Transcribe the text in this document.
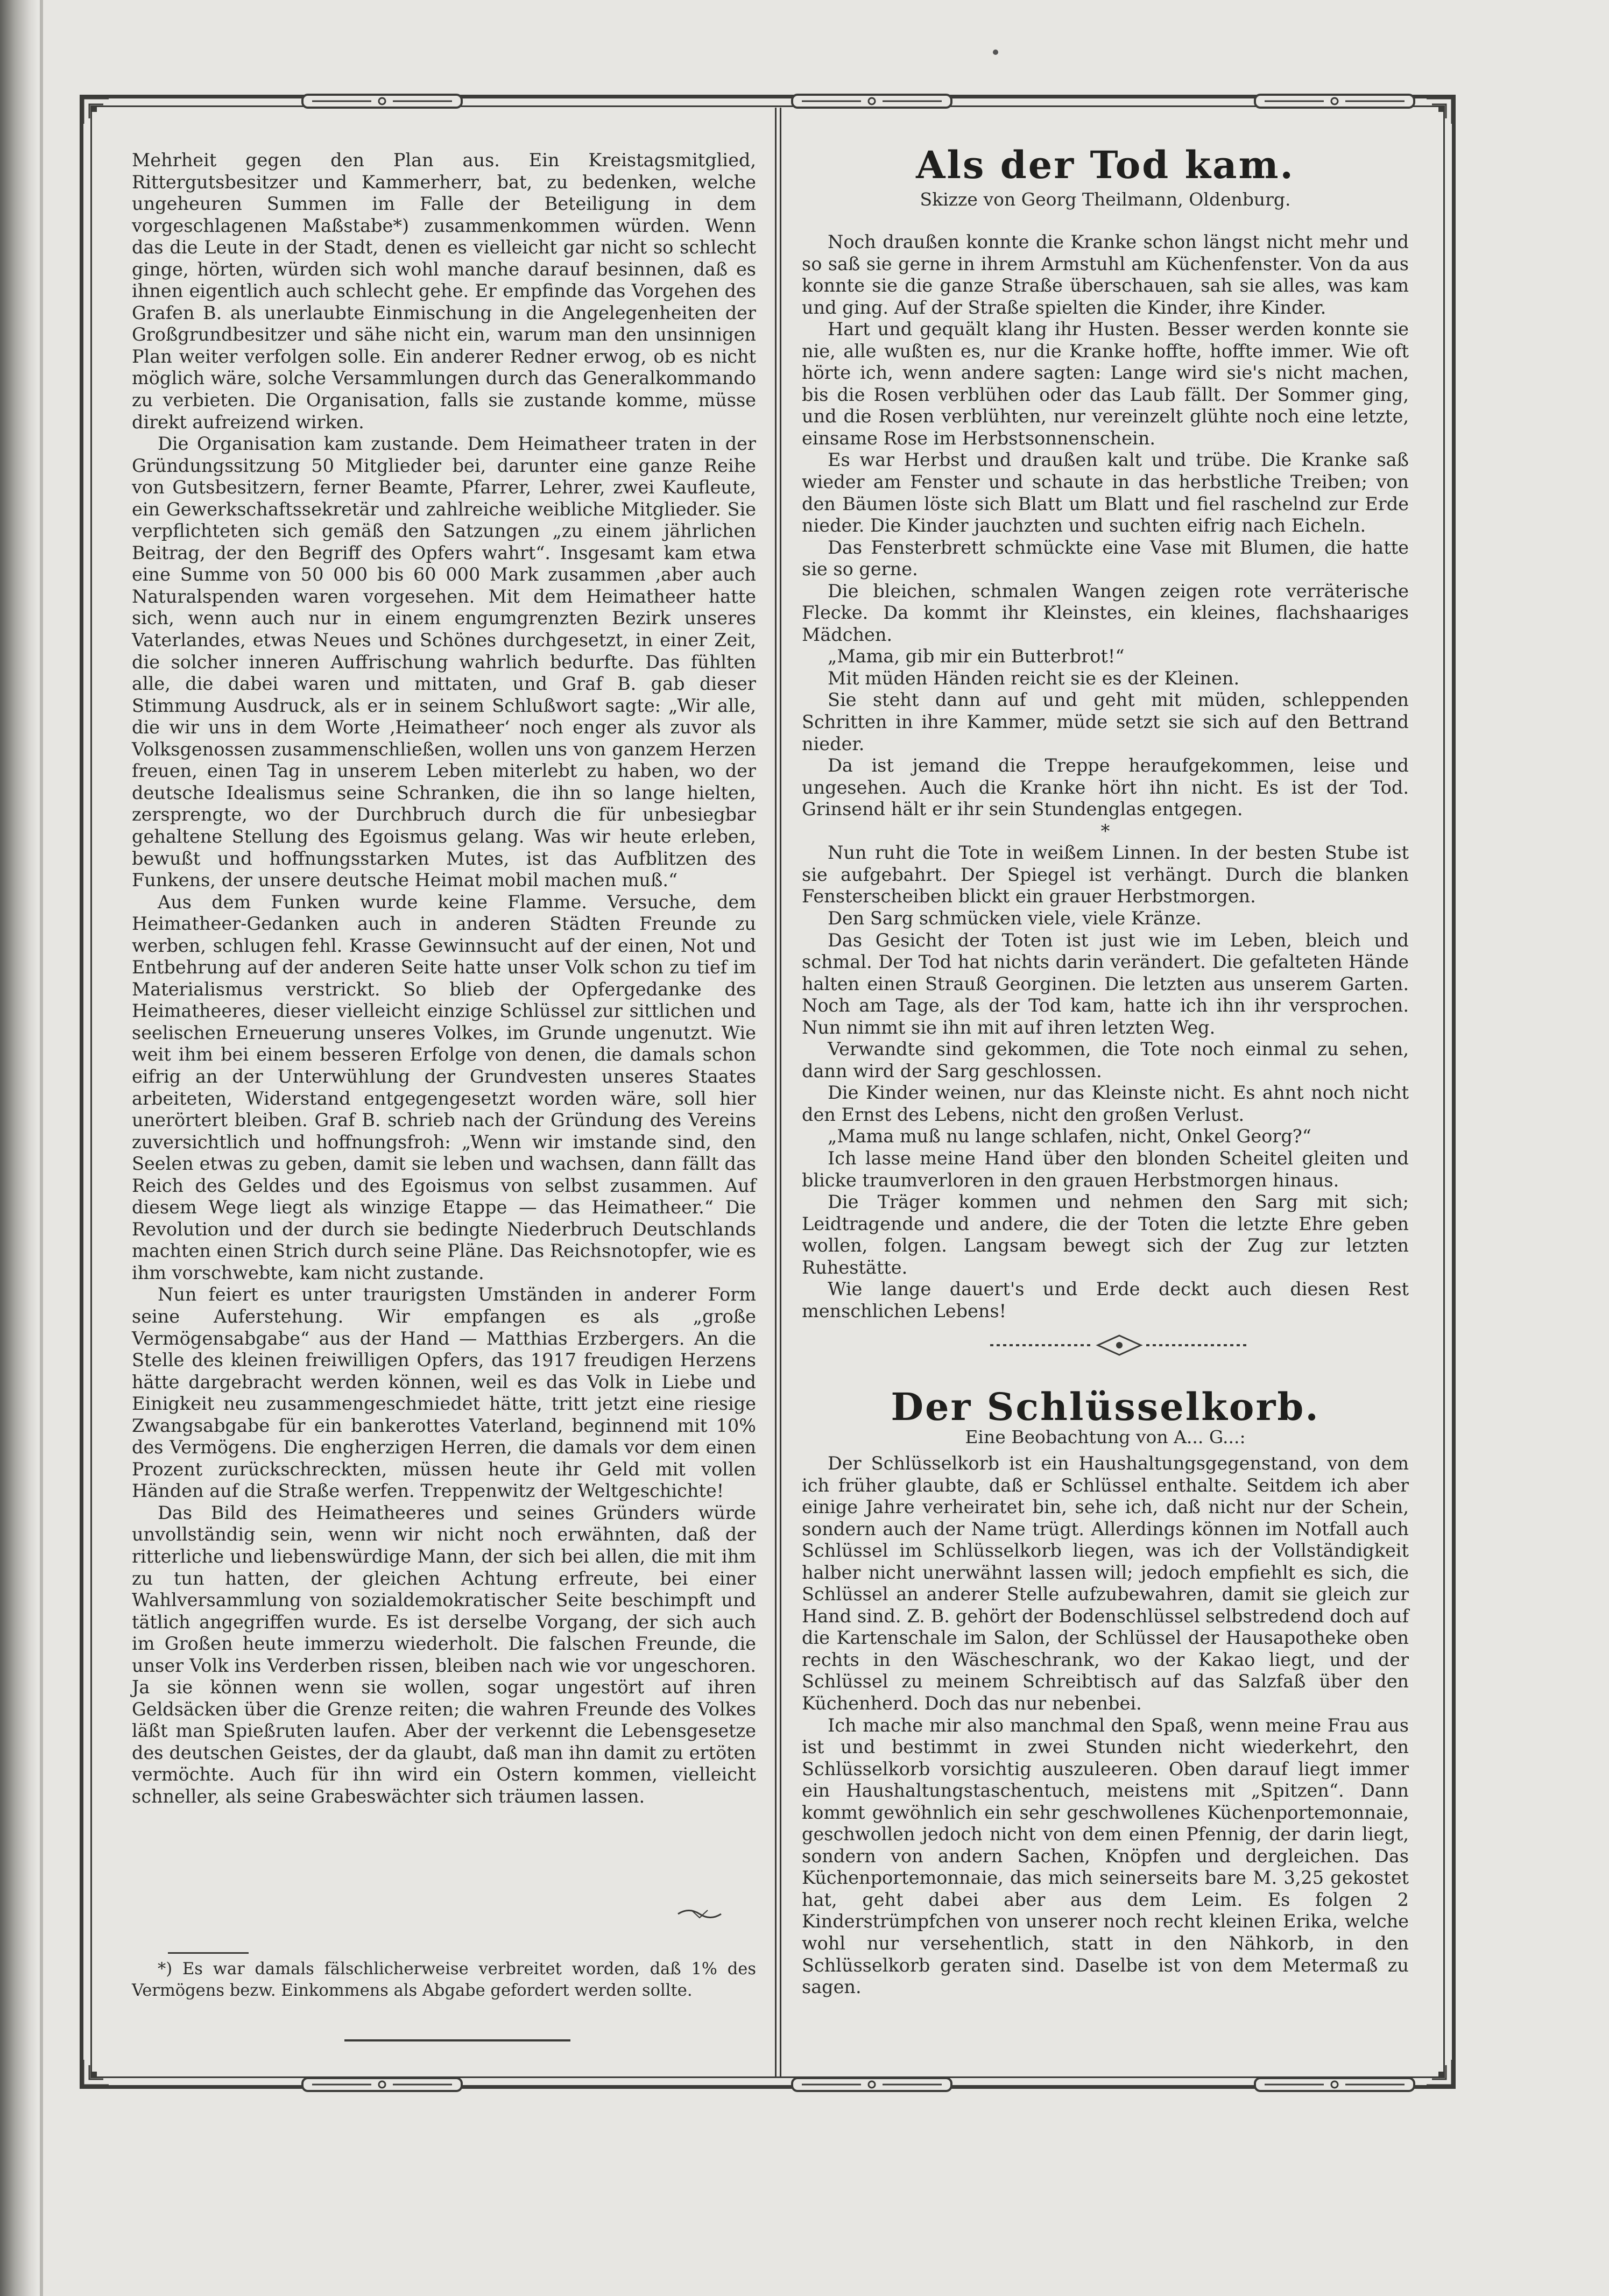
Mehrheit gegen den Plan aus. Ein Kreistagsmitglied, Rittergutsbesitzer und Kammerherr, bat, zu bedenken, welche ungeheuren Summen im Falle der Beteiligung in dem vorgeschlagenen Maßstabe*) zusammenkommen würden. Wenn das die Leute in der Stadt, denen es vielleicht gar nicht so schlecht ginge, hörten, würden sich wohl manche darauf besinnen, daß es ihnen eigentlich auch schlecht gehe. Er empfinde das Vorgehen des Grafen B. als unerlaubte Einmischung in die Angelegenheiten der Großgrundbesitzer und sähe nicht ein, warum man den unsinnigen Plan weiter verfolgen solle. Ein anderer Redner erwog, ob es nicht möglich wäre, solche Versammlungen durch das Generalkommando zu verbieten. Die Organisation, falls sie zustande komme, müsse direkt aufreizend wirken.

Die Organisation kam zustande. Dem Heimatheer traten in der Gründungssitzung 50 Mitglieder bei, darunter eine ganze Reihe von Gutsbesitzern, ferner Beamte, Pfarrer, Lehrer, zwei Kaufleute, ein Gewerkschaftssekretär und zahlreiche weibliche Mitglieder. Sie verpflichteten sich gemäß den Satzungen „zu einem jährlichen Beitrag, der den Begriff des Opfers wahrt“. Insgesamt kam etwa eine Summe von 50 000 bis 60 000 Mark zusammen ‚aber auch Naturalspenden waren vorgesehen. Mit dem Heimatheer hatte sich, wenn auch nur in einem engumgrenzten Bezirk unseres Vaterlandes, etwas Neues und Schönes durchgesetzt, in einer Zeit, die solcher inneren Auffrischung wahrlich bedurfte. Das fühlten alle, die dabei waren und mittaten, und Graf B. gab dieser Stimmung Ausdruck, als er in seinem Schlußwort sagte: „Wir alle, die wir uns in dem Worte ‚Heimatheer‘ noch enger als zuvor als Volksgenossen zusammenschließen, wollen uns von ganzem Herzen freuen, einen Tag in unserem Leben miterlebt zu haben, wo der deutsche Idealismus seine Schranken, die ihn so lange hielten, zersprengte, wo der Durchbruch durch die für unbesiegbar gehaltene Stellung des Egoismus gelang. Was wir heute erleben, bewußt und hoffnungsstarken Mutes, ist das Aufblitzen des Funkens, der unsere deutsche Heimat mobil machen muß.“

Aus dem Funken wurde keine Flamme. Versuche, dem Heimatheer-Gedanken auch in anderen Städten Freunde zu werben, schlugen fehl. Krasse Gewinnsucht auf der einen, Not und Entbehrung auf der anderen Seite hatte unser Volk schon zu tief im Materialismus verstrickt. So blieb der Opfergedanke des Heimatheeres, dieser vielleicht einzige Schlüssel zur sittlichen und seelischen Erneuerung unseres Volkes, im Grunde ungenutzt. Wie weit ihm bei einem besseren Erfolge von denen, die damals schon eifrig an der Unterwühlung der Grundvesten unseres Staates arbeiteten, Widerstand entgegengesetzt worden wäre, soll hier unerörtert bleiben. Graf B. schrieb nach der Gründung des Vereins zuversichtlich und hoffnungsfroh: „Wenn wir imstande sind, den Seelen etwas zu geben, damit sie leben und wachsen, dann fällt das Reich des Geldes und des Egoismus von selbst zusammen. Auf diesem Wege liegt als winzige Etappe — das Heimatheer.“ Die Revolution und der durch sie bedingte Niederbruch Deutschlands machten einen Strich durch seine Pläne. Das Reichsnotopfer, wie es ihm vorschwebte, kam nicht zustande.

Nun feiert es unter traurigsten Umständen in anderer Form seine Auferstehung. Wir empfangen es als „große Vermögensabgabe“ aus der Hand — Matthias Erzbergers. An die Stelle des kleinen freiwilligen Opfers, das 1917 freudigen Herzens hätte dargebracht werden können, weil es das Volk in Liebe und Einigkeit neu zusammengeschmiedet hätte, tritt jetzt eine riesige Zwangsabgabe für ein bankerottes Vaterland, beginnend mit 10% des Vermögens. Die engherzigen Herren, die damals vor dem einen Prozent zurückschreckten, müssen heute ihr Geld mit vollen Händen auf die Straße werfen. Treppenwitz der Weltgeschichte!

Das Bild des Heimatheeres und seines Gründers würde unvollständig sein, wenn wir nicht noch erwähnten, daß der ritterliche und liebenswürdige Mann, der sich bei allen, die mit ihm zu tun hatten, der gleichen Achtung erfreute, bei einer Wahlversammlung von sozialdemokratischer Seite beschimpft und tätlich angegriffen wurde. Es ist derselbe Vorgang, der sich auch im Großen heute immerzu wiederholt. Die falschen Freunde, die unser Volk ins Verderben rissen, bleiben nach wie vor ungeschoren. Ja sie können wenn sie wollen, sogar ungestört auf ihren Geldsäcken über die Grenze reiten; die wahren Freunde des Volkes läßt man Spießruten laufen. Aber der verkennt die Lebensgesetze des deutschen Geistes, der da glaubt, daß man ihn damit zu ertöten vermöchte. Auch für ihn wird ein Ostern kommen, vielleicht schneller, als seine Grabeswächter sich träumen lassen.

*) Es war damals fälschlicherweise verbreitet worden, daß 1% des Vermögens bezw. Einkommens als Abgabe gefordert werden sollte.

Als der Tod kam.
Skizze von Georg Theilmann, Oldenburg.

Noch draußen konnte die Kranke schon längst nicht mehr und so saß sie gerne in ihrem Armstuhl am Küchenfenster. Von da aus konnte sie die ganze Straße überschauen, sah sie alles, was kam und ging. Auf der Straße spielten die Kinder, ihre Kinder.

Hart und gequält klang ihr Husten. Besser werden konnte sie nie, alle wußten es, nur die Kranke hoffte, hoffte immer. Wie oft hörte ich, wenn andere sagten: Lange wird sie's nicht machen, bis die Rosen verblühen oder das Laub fällt. Der Sommer ging, und die Rosen verblühten, nur vereinzelt glühte noch eine letzte, einsame Rose im Herbstsonnenschein.

Es war Herbst und draußen kalt und trübe. Die Kranke saß wieder am Fenster und schaute in das herbstliche Treiben; von den Bäumen löste sich Blatt um Blatt und fiel raschelnd zur Erde nieder. Die Kinder jauchzten und suchten eifrig nach Eicheln.

Das Fensterbrett schmückte eine Vase mit Blumen, die hatte sie so gerne.

Die bleichen, schmalen Wangen zeigen rote verräterische Flecke. Da kommt ihr Kleinstes, ein kleines, flachshaariges Mädchen.

„Mama, gib mir ein Butterbrot!“

Mit müden Händen reicht sie es der Kleinen.

Sie steht dann auf und geht mit müden, schleppenden Schritten in ihre Kammer, müde setzt sie sich auf den Bettrand nieder.

Da ist jemand die Treppe heraufgekommen, leise und ungesehen. Auch die Kranke hört ihn nicht. Es ist der Tod. Grinsend hält er ihr sein Stundenglas entgegen.

*

Nun ruht die Tote in weißem Linnen. In der besten Stube ist sie aufgebahrt. Der Spiegel ist verhängt. Durch die blanken Fensterscheiben blickt ein grauer Herbstmorgen.

Den Sarg schmücken viele, viele Kränze.

Das Gesicht der Toten ist just wie im Leben, bleich und schmal. Der Tod hat nichts darin verändert. Die gefalteten Hände halten einen Strauß Georginen. Die letzten aus unserem Garten. Noch am Tage, als der Tod kam, hatte ich ihn ihr versprochen. Nun nimmt sie ihn mit auf ihren letzten Weg.

Verwandte sind gekommen, die Tote noch einmal zu sehen, dann wird der Sarg geschlossen.

Die Kinder weinen, nur das Kleinste nicht. Es ahnt noch nicht den Ernst des Lebens, nicht den großen Verlust.

„Mama muß nu lange schlafen, nicht, Onkel Georg?“

Ich lasse meine Hand über den blonden Scheitel gleiten und blicke traumverloren in den grauen Herbstmorgen hinaus.

Die Träger kommen und nehmen den Sarg mit sich; Leidtragende und andere, die der Toten die letzte Ehre geben wollen, folgen. Langsam bewegt sich der Zug zur letzten Ruhestätte.

Wie lange dauert's und Erde deckt auch diesen Rest menschlichen Lebens!

Der Schlüsselkorb.
Eine Beobachtung von A... G...:

Der Schlüsselkorb ist ein Haushaltungsgegenstand, von dem ich früher glaubte, daß er Schlüssel enthalte. Seitdem ich aber einige Jahre verheiratet bin, sehe ich, daß nicht nur der Schein, sondern auch der Name trügt. Allerdings können im Notfall auch Schlüssel im Schlüsselkorb liegen, was ich der Vollständigkeit halber nicht unerwähnt lassen will; jedoch empfiehlt es sich, die Schlüssel an anderer Stelle aufzubewahren, damit sie gleich zur Hand sind. Z. B. gehört der Bodenschlüssel selbstredend doch auf die Kartenschale im Salon, der Schlüssel der Hausapotheke oben rechts in den Wäscheschrank, wo der Kakao liegt, und der Schlüssel zu meinem Schreibtisch auf das Salzfaß über den Küchenherd. Doch das nur nebenbei.

Ich mache mir also manchmal den Spaß, wenn meine Frau aus ist und bestimmt in zwei Stunden nicht wiederkehrt, den Schlüsselkorb vorsichtig auszuleeren. Oben darauf liegt immer ein Haushaltungstaschentuch, meistens mit „Spitzen“. Dann kommt gewöhnlich ein sehr geschwollenes Küchenportemonnaie, geschwollen jedoch nicht von dem einen Pfennig, der darin liegt, sondern von andern Sachen, Knöpfen und dergleichen. Das Küchenportemonnaie, das mich seinerseits bare M. 3,25 gekostet hat, geht dabei aber aus dem Leim. Es folgen 2 Kinderstrümpfchen von unserer noch recht kleinen Erika, welche wohl nur versehentlich, statt in den Nähkorb, in den Schlüsselkorb geraten sind. Daselbe ist von dem Metermaß zu sagen.
